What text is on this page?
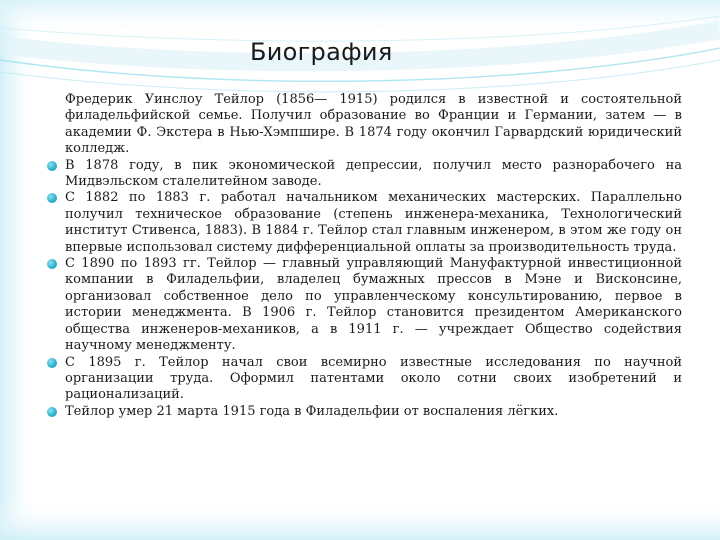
Биография
Фредерик Уинслоу Тейлор (1856— 1915) родился в известной и состоятельной филадельфийской семье. Получил образование во Франции и Германии, затем — в академии Ф. Экстера в Нью-Хэмпшире. В 1874 году окончил Гарвардский юридический колледж.
В 1878 году, в пик экономической депрессии, получил место разнорабочего на Мидвэльском сталелитейном заводе.
С 1882 по 1883 г. работал начальником механических мастерских. Параллельно получил техническое образование (степень инженера-механика, Технологический институт Стивенса, 1883). В 1884 г. Тейлор стал главным инженером, в этом же году он впервые использовал систему дифференциальной оплаты за производительность труда.
С 1890 по 1893 гг. Тейлор — главный управляющий Мануфактурной инвестиционной компании в Филадельфии, владелец бумажных прессов в Мэне и Висконсине, организовал собственное дело по управленческому консультированию, первое в истории менеджмента. В 1906 г. Тейлор становится президентом Американского общества инженеров-механиков, а в 1911 г. — учреждает Общество содействия научному менеджменту.
С 1895 г. Тейлор начал свои всемирно известные исследования по научной организации труда. Оформил патентами около сотни своих изобретений и рационализаций.
Тейлор умер 21 марта 1915 года в Филадельфии от воспаления лёгких.
